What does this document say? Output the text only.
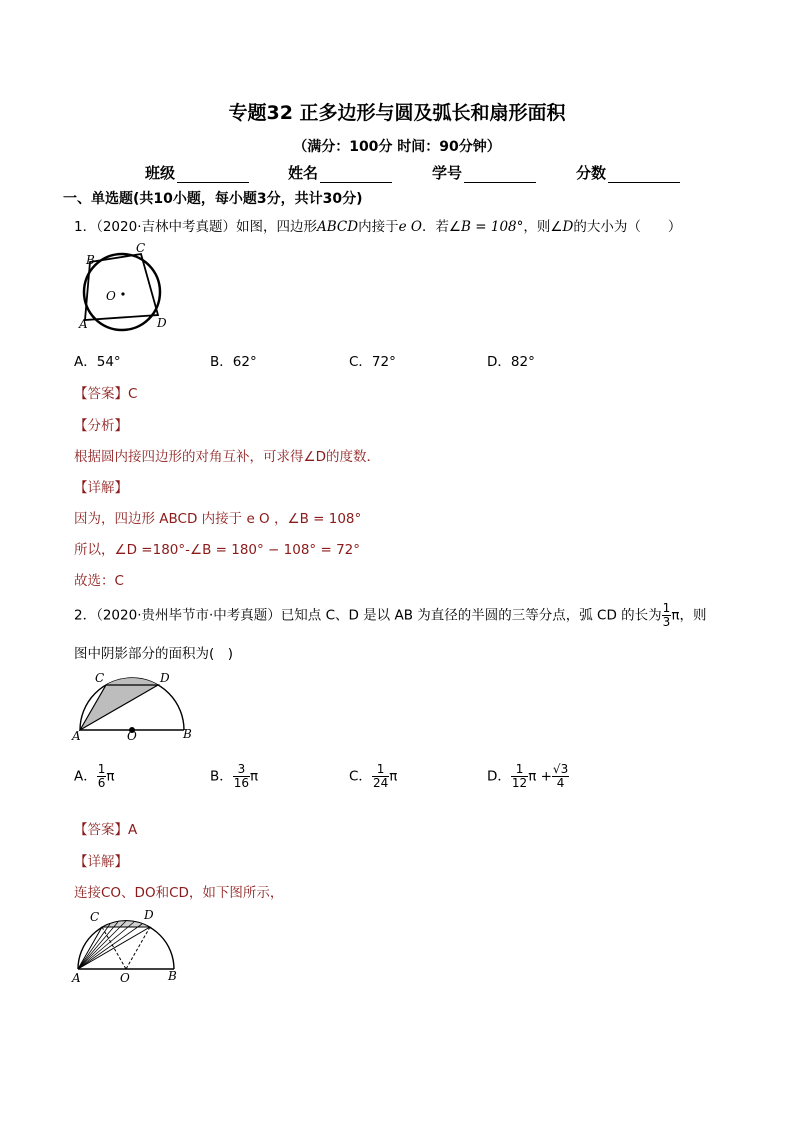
专题32 正多边形与圆及弧长和扇形面积
（满分：100分 时间：90分钟）
班级	姓名	学号	分数
一、单选题(共10小题，每小题3分，共计30分)
1．（2020·吉林中考真题）如图，四边形ABCD内接于e O．若∠B = 108°，则∠D的大小为（　　）
B
C
O
A	D
A．54°	B．62°	C．72°	D．82°
【答案】C
【分析】
根据圆内接四边形的对角互补，可求得∠D的度数．
【详解】
因为，四边形 ABCD 内接于 e O ，∠B = 108°
所以，∠D =180°-∠B = 180° − 108° = 72°
故选：C
2．（2020·贵州毕节市·中考真题）已知点 C、D 是以 AB 为直径的半圆的三等分点，弧 CD 的长为 $\frac{1}{3}$ π，则
图中阴影部分的面积为(　)
C	D
A	O	B
A． $\frac{1}{6}$ π	B． $\frac{3}{16}$ π	C． $\frac{1}{24}$ π	D． $\frac{1}{12}$ $\pi + \frac{√3}{4}$
【答案】A
【详解】
连接CO、DO和CD，如下图所示，
C	D
A	O	B
